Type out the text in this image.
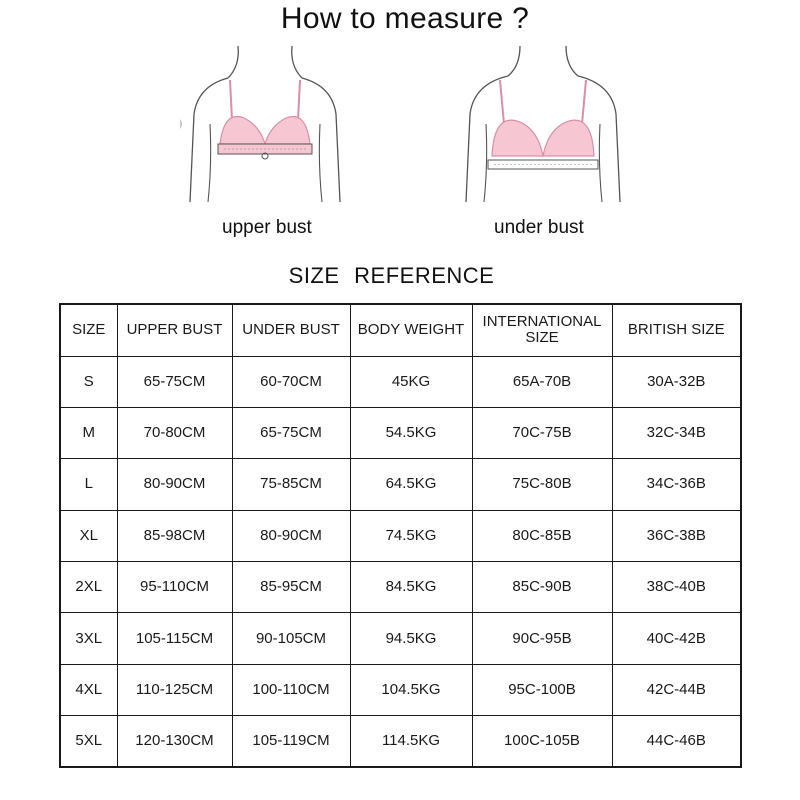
How to measure ?
upper bust	under bust
SIZE REFERENCE
SIZE	UPPER BUST	UNDER BUST	BODY WEIGHT	INTERNATIONAL SIZE	BRITISH SIZE
S	65-75CM	60-70CM	45KG	65A-70B	30A-32B
M	70-80CM	65-75CM	54.5KG	70C-75B	32C-34B
L	80-90CM	75-85CM	64.5KG	75C-80B	34C-36B
XL	85-98CM	80-90CM	74.5KG	80C-85B	36C-38B
2XL	95-110CM	85-95CM	84.5KG	85C-90B	38C-40B
3XL	105-115CM	90-105CM	94.5KG	90C-95B	40C-42B
4XL	110-125CM	100-110CM	104.5KG	95C-100B	42C-44B
5XL	120-130CM	105-119CM	114.5KG	100C-105B	44C-46B
